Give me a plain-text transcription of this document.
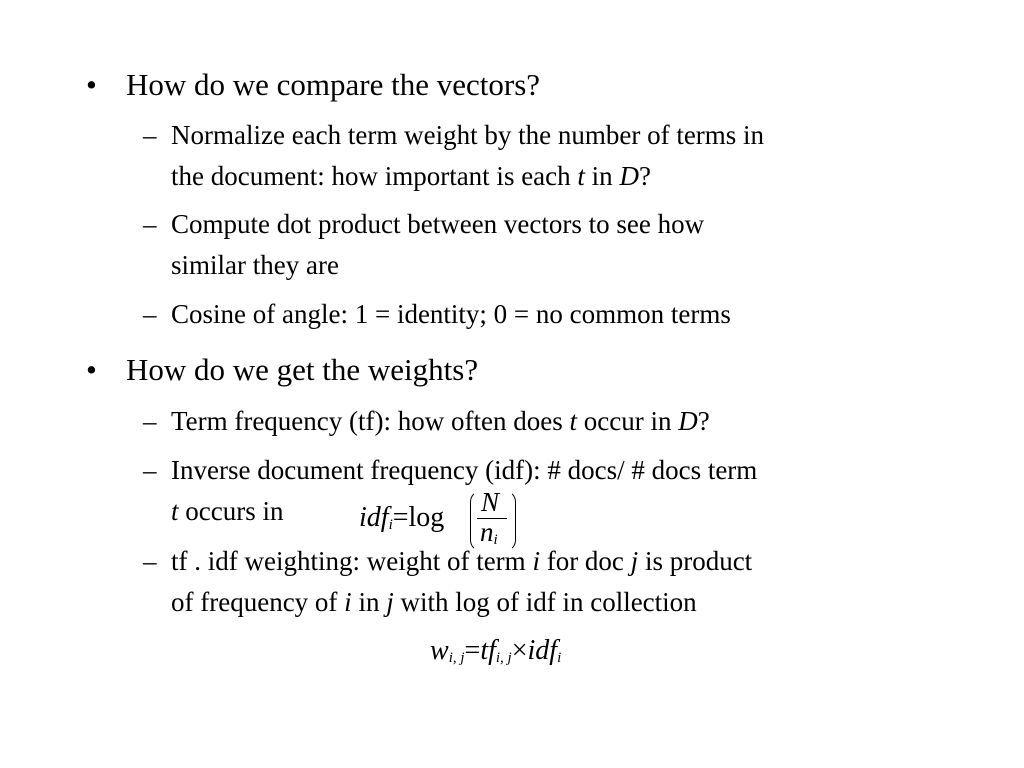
• How do we compare the vectors?
– Normalize each term weight by the number of terms in
the document: how important is each t in D?
– Compute dot product between vectors to see how
similar they are
– Cosine of angle: 1 = identity; 0 = no common terms
• How do we get the weights?
– Term frequency (tf): how often does t occur in D?
– Inverse document frequency (idf): # docs/ # docs term
t occurs in	idf$_i$=log N
$n_i$
– tf . idf weighting: weight of term i for doc j is product
of frequency of i in j with log of idf in collection
$w_{i, j}=tf_{i, j}\times idf_i$
